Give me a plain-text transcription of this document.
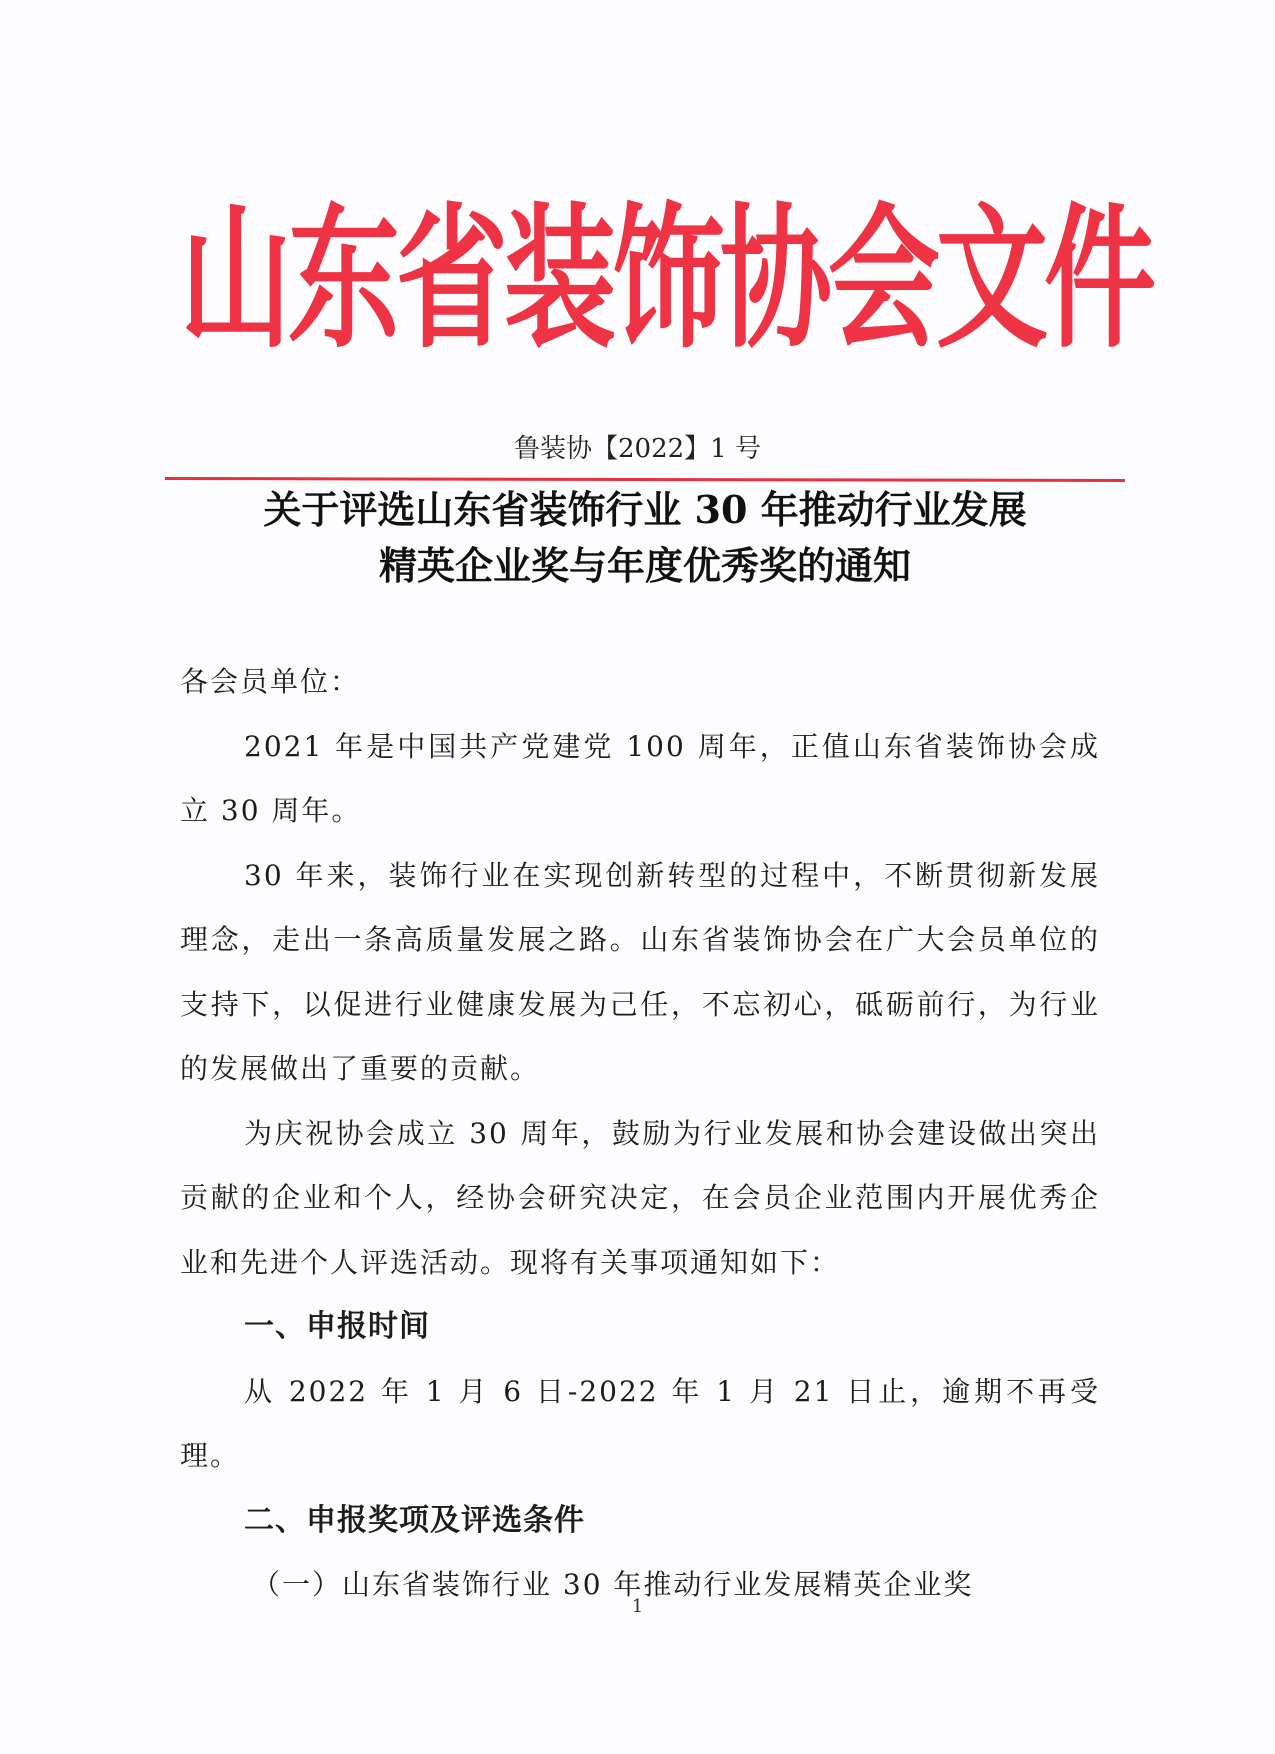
山东省装饰协会文件
鲁装协【2022】1 号
关于评选山东省装饰行业 30 年推动行业发展
精英企业奖与年度优秀奖的通知

各会员单位：

2021 年是中国共产党建党 100 周年，正值山东省装饰协会成立 30 周年。

30 年来，装饰行业在实现创新转型的过程中，不断贯彻新发展理念，走出一条高质量发展之路。山东省装饰协会在广大会员单位的支持下，以促进行业健康发展为己任，不忘初心，砥砺前行，为行业的发展做出了重要的贡献。

为庆祝协会成立 30 周年，鼓励为行业发展和协会建设做出突出贡献的企业和个人，经协会研究决定，在会员企业范围内开展优秀企业和先进个人评选活动。现将有关事项通知如下：

一、申报时间

从 2022 年 1 月 6 日-2022 年 1 月 21 日止，逾期不再受理。

二、申报奖项及评选条件

（一）山东省装饰行业 30 年推动行业发展精英企业奖

1
